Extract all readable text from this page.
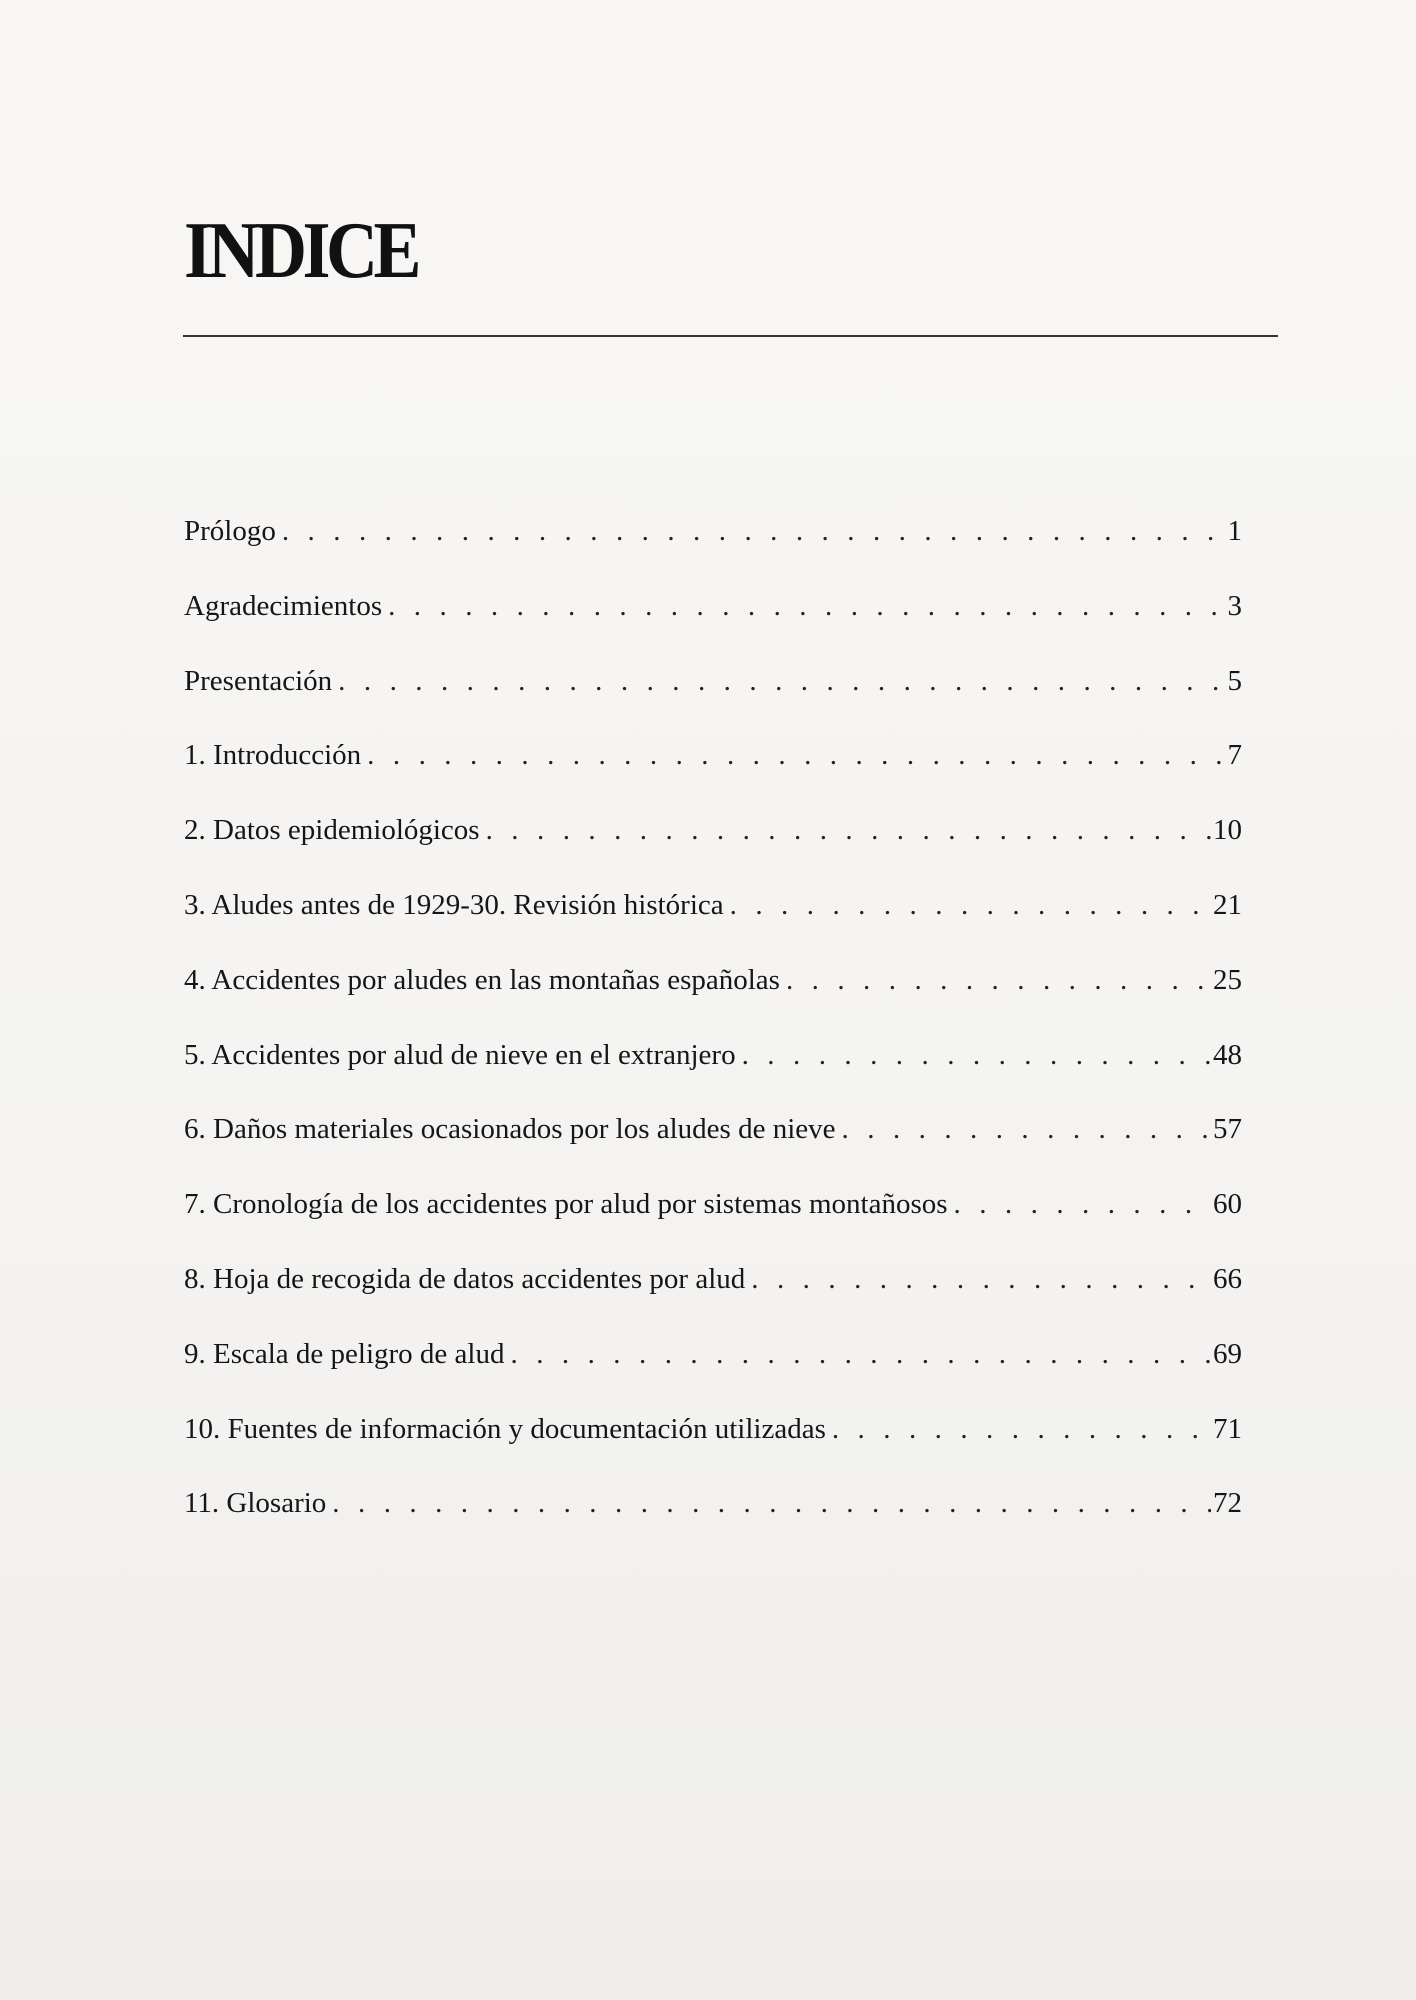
INDICE
Prólogo . . .	1
Agradecimientos . . .	3
Presentación . . .	5
1. Introducción . . .	7
2. Datos epidemiológicos . . .	10
3. Aludes antes de 1929-30. Revisión histórica . . .	21
4. Accidentes por aludes en las montañas españolas . . .	25
5. Accidentes por alud de nieve en el extranjero . . .	48
6. Daños materiales ocasionados por los aludes de nieve . . .	57
7. Cronología de los accidentes por alud por sistemas montañosos . . .	60
8. Hoja de recogida de datos accidentes por alud . . .	66
9. Escala de peligro de alud . . .	69
10. Fuentes de información y documentación utilizadas . . .	71
11. Glosario . . .	72
